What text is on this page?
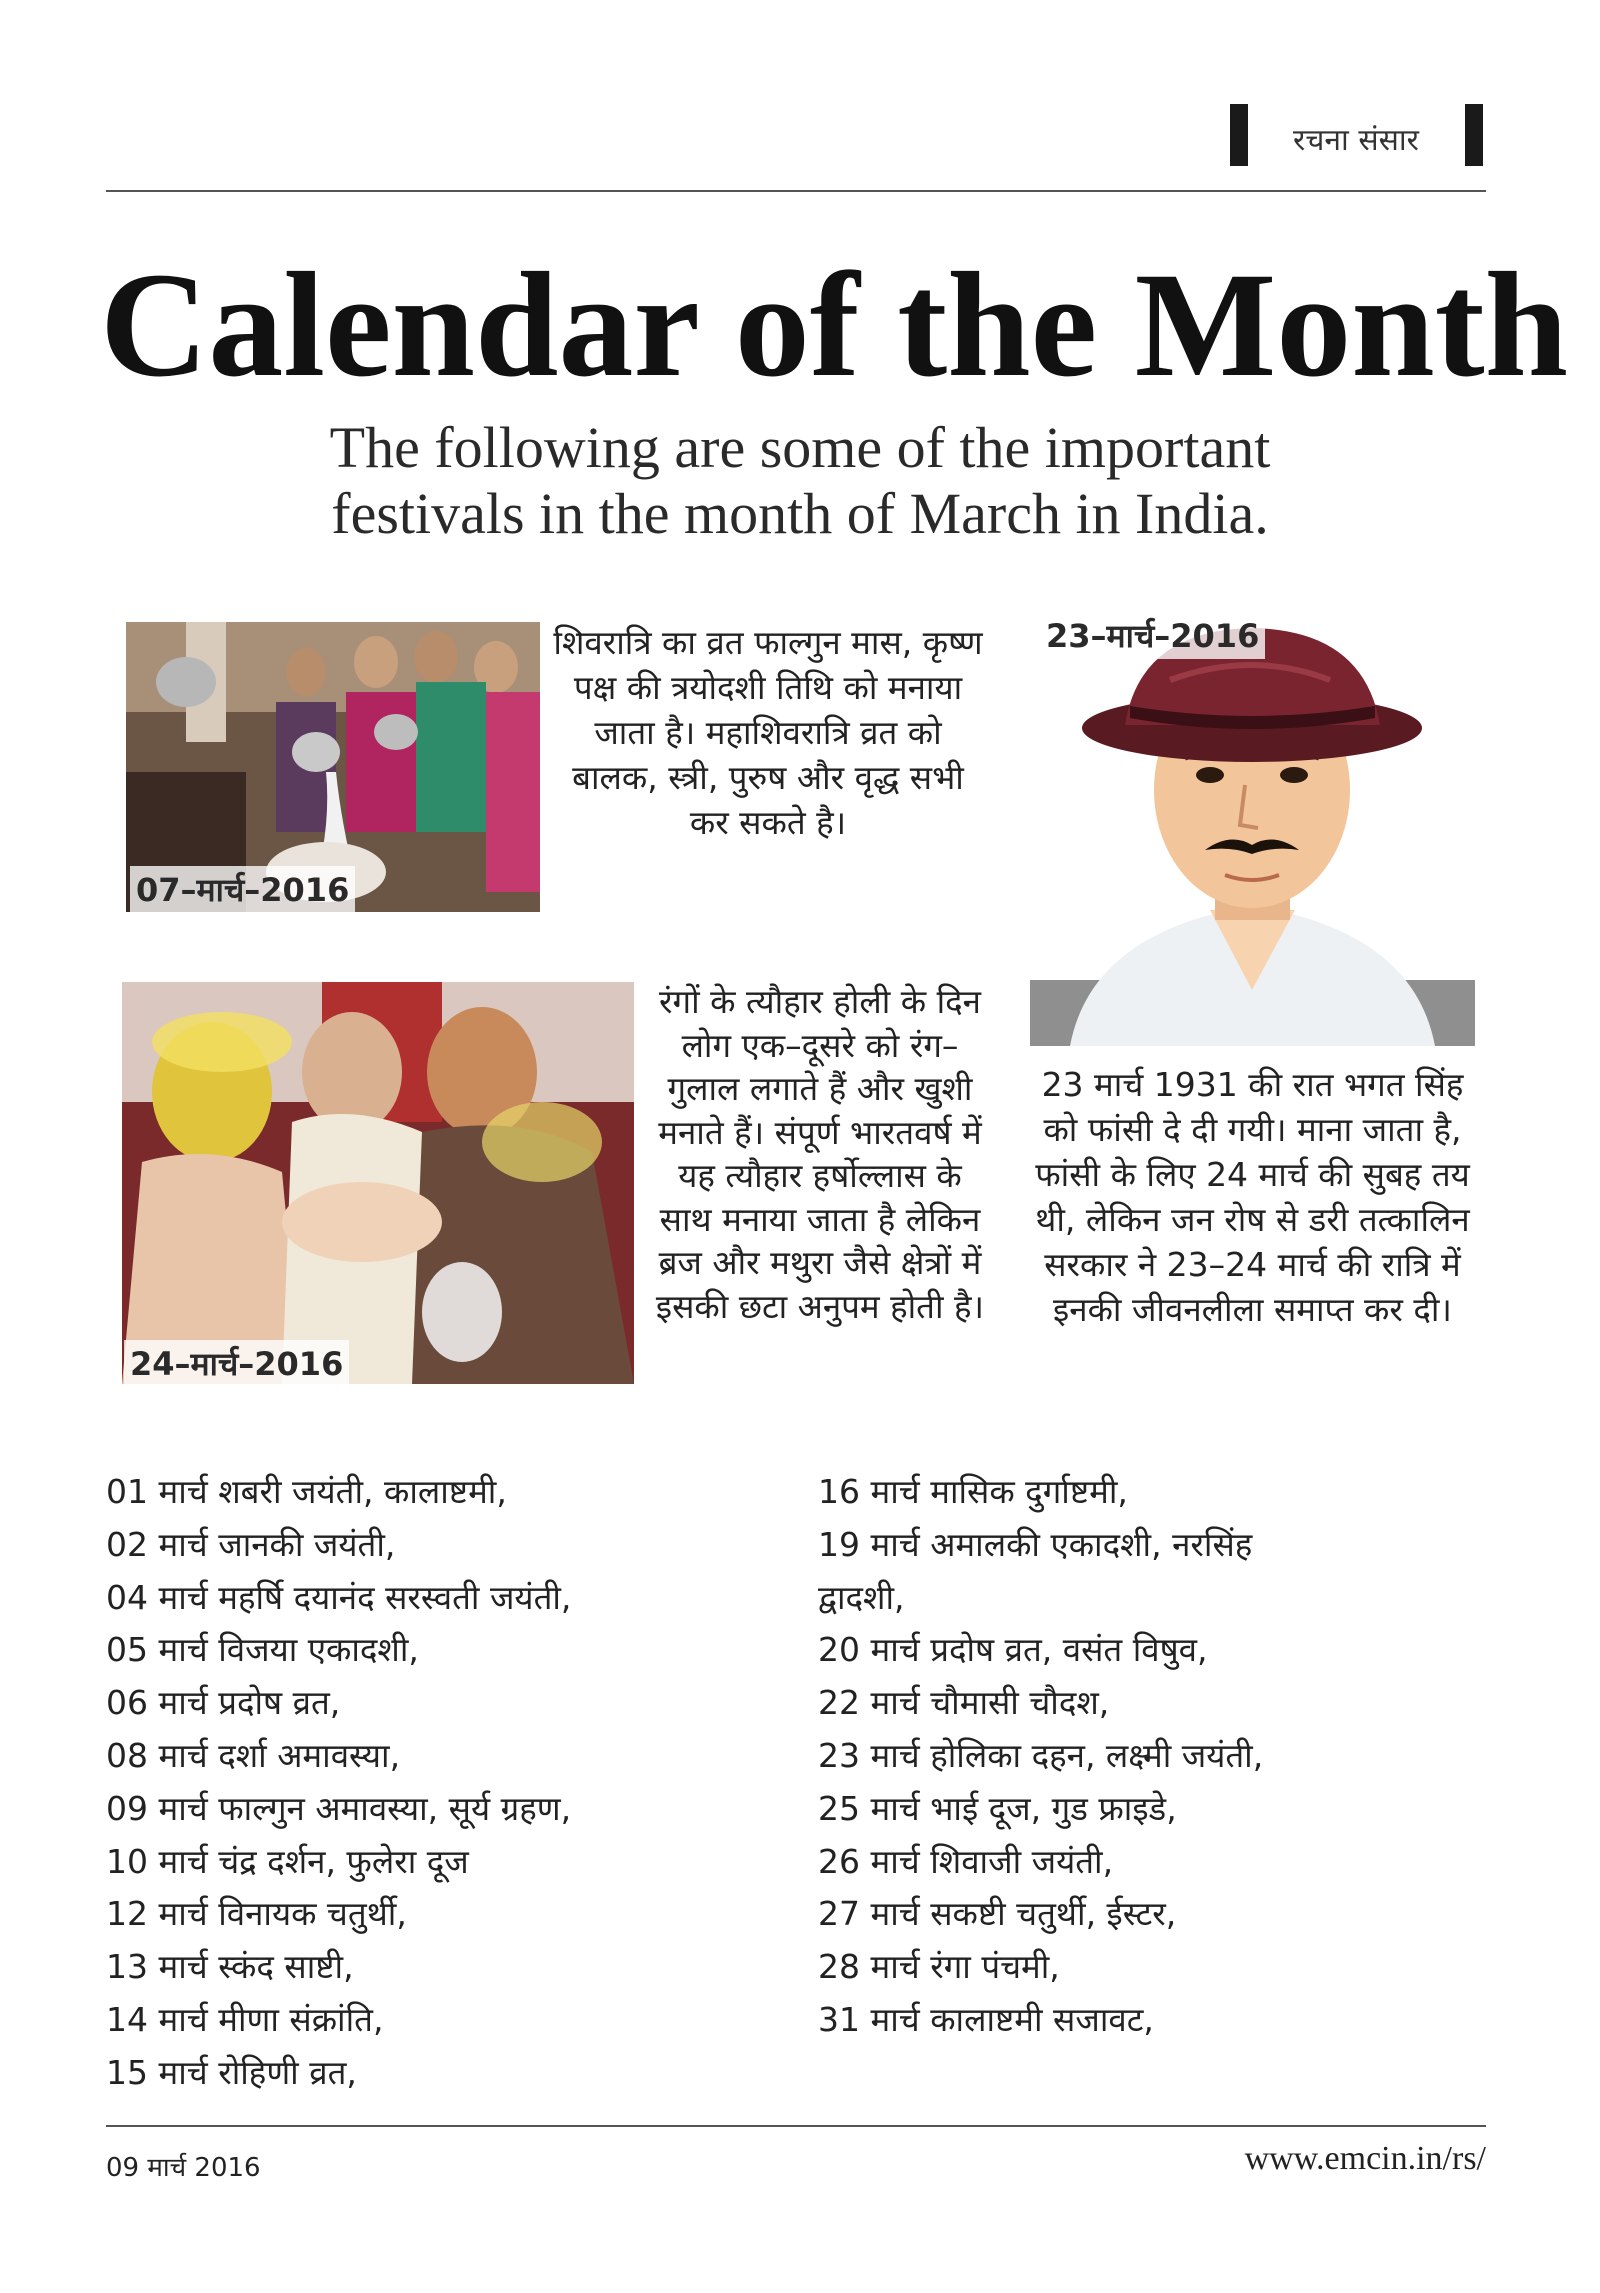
रचना संसार
Calendar of the Month
The following are some of the important festivals in the month of March in India.
07–मार्च–2016
शिवरात्रि का व्रत फाल्गुन मास, कृष्ण पक्ष की त्रयोदशी तिथि को मनाया जाता है। महाशिवरात्रि व्रत को बालक, स्त्री, पुरुष और वृद्ध सभी कर सकते है।
23–मार्च–2016
23 मार्च 1931 की रात भगत सिंह को फांसी दे दी गयी। माना जाता है, फांसी के लिए 24 मार्च की सुबह तय थी, लेकिन जन रोष से डरी तत्कालिन सरकार ने 23–24 मार्च की रात्रि में इनकी जीवनलीला समाप्त कर दी।
24–मार्च–2016
रंगों के त्यौहार होली के दिन लोग एक–दूसरे को रंग–गुलाल लगाते हैं और खुशी मनाते हैं। संपूर्ण भारतवर्ष में यह त्यौहार हर्षोल्लास के साथ मनाया जाता है लेकिन ब्रज और मथुरा जैसे क्षेत्रों में इसकी छटा अनुपम होती है।
01 मार्च शबरी जयंती, कालाष्टमी,
02 मार्च जानकी जयंती,
04 मार्च महर्षि दयानंद सरस्वती जयंती,
05 मार्च विजया एकादशी,
06 मार्च प्रदोष व्रत,
08 मार्च दर्शा अमावस्या,
09 मार्च फाल्गुन अमावस्या, सूर्य ग्रहण,
10 मार्च चंद्र दर्शन, फुलेरा दूज
12 मार्च विनायक चतुर्थी,
13 मार्च स्कंद साष्टी,
14 मार्च मीणा संक्रांति,
15 मार्च रोहिणी व्रत,
16 मार्च मासिक दुर्गाष्टमी,
19 मार्च अमालकी एकादशी, नरसिंह
द्वादशी,
20 मार्च प्रदोष व्रत, वसंत विषुव,
22 मार्च चौमासी चौदश,
23 मार्च होलिका दहन, लक्ष्मी जयंती,
25 मार्च भाई दूज, गुड फ्राइडे,
26 मार्च शिवाजी जयंती,
27 मार्च सकष्टी चतुर्थी, ईस्टर,
28 मार्च रंगा पंचमी,
31 मार्च कालाष्टमी सजावट,
09 मार्च 2016	www.emcin.in/rs/
